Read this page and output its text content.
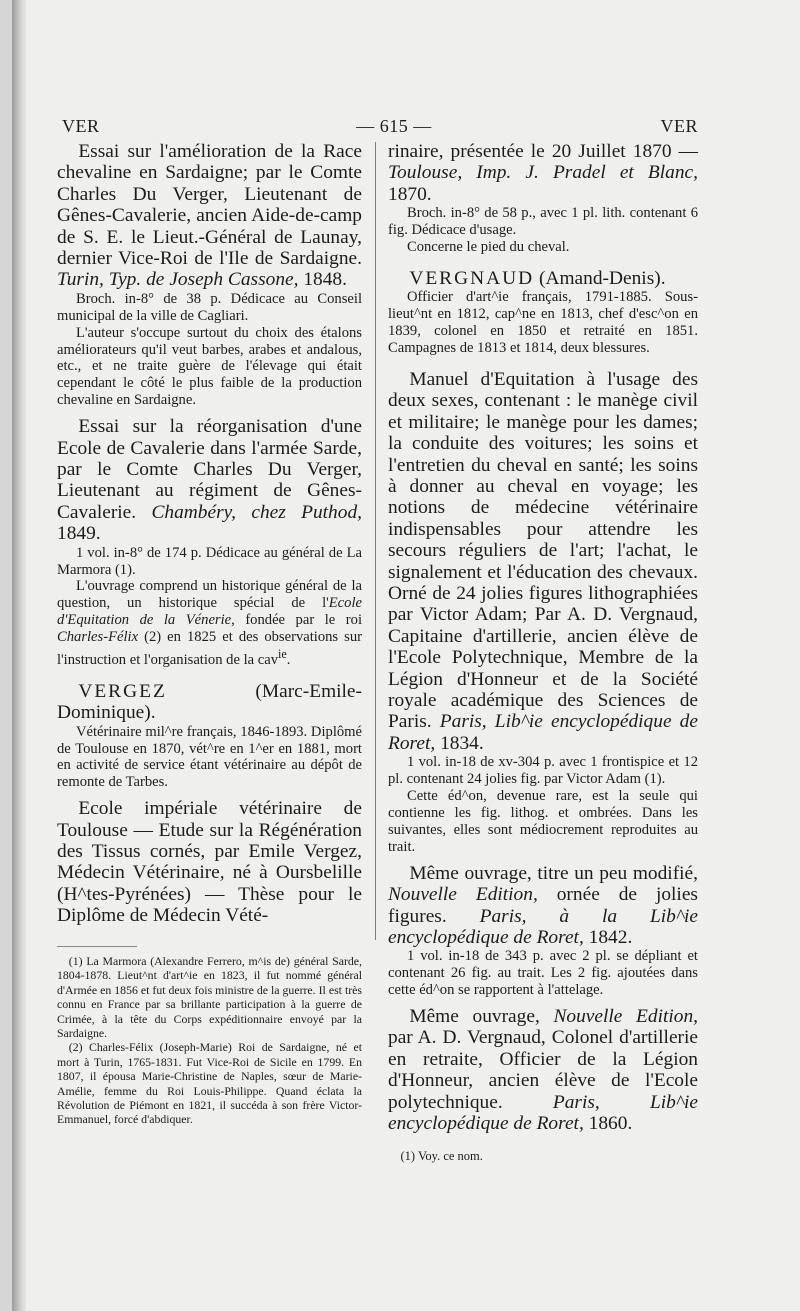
VER	— 615 —	VER

Essai sur l'amélioration de la Race chevaline en Sardaigne; par le Comte Charles Du Verger, Lieutenant de Gênes-Cavalerie, ancien Aide-de-camp de S. E. le Lieut.-Général de Launay, dernier Vice-Roi de l'Ile de Sardaigne. Turin, Typ. de Joseph Cassone, 1848.

Broch. in-8° de 38 p. Dédicace au Conseil municipal de la ville de Cagliari.

L'auteur s'occupe surtout du choix des étalons améliorateurs qu'il veut barbes, arabes et andalous, etc., et ne traite guère de l'élevage qui était cependant le côté le plus faible de la production chevaline en Sardaigne.

Essai sur la réorganisation d'une Ecole de Cavalerie dans l'armée Sarde, par le Comte Charles Du Verger, Lieutenant au régiment de Gênes-Cavalerie. Chambéry, chez Puthod, 1849.

1 vol. in-8° de 174 p. Dédicace au général de La Marmora (1).

L'ouvrage comprend un historique général de la question, un historique spécial de l'Ecole d'Equitation de la Vénerie, fondée par le roi Charles-Félix (2) en 1825 et des observations sur l'instruction et l'organisation de la cav$^{ie}$.

VERGEZ	(Marc-Emile-Dominique).

Vétérinaire mil^re français, 1846-1893. Diplômé de Toulouse en 1870, vét^re en 1^er en 1881, mort en activité de service étant vétérinaire au dépôt de remonte de Tarbes.

Ecole impériale vétérinaire de Toulouse — Etude sur la Régénération des Tissus cornés, par Emile Vergez, Médecin Vétérinaire, né à Oursbelille (H^tes-Pyrénées) — Thèse pour le Diplôme de Médecin Vété-

(1) La Marmora (Alexandre Ferrero, m^is de) général Sarde, 1804-1878. Lieut^nt d'art^ie en 1823, il fut nommé général d'Armée en 1856 et fut deux fois ministre de la guerre. Il est très connu en France par sa brillante participation à la guerre de Crimée, à la tête du Corps expéditionnaire envoyé par la Sardaigne.

(2) Charles-Félix (Joseph-Marie) Roi de Sardaigne, né et mort à Turin, 1765-1831. Fut Vice-Roi de Sicile en 1799. En 1807, il épousa Marie-Christine de Naples, sœur de Marie-Amélie, femme du Roi Louis-Philippe. Quand éclata la Révolution de Piémont en 1821, il succéda à son frère Victor-Emmanuel, forcé d'abdiquer.

rinaire, présentée le 20 Juillet 1870 — Toulouse, Imp. J. Pradel et Blanc, 1870.

Broch. in-8° de 58 p., avec 1 pl. lith. contenant 6 fig. Dédicace d'usage.

Concerne le pied du cheval.

VERGNAUD (Amand-Denis).

Officier d'art^ie français, 1791-1885. Sous-lieut^nt en 1812, cap^ne en 1813, chef d'esc^on en 1839, colonel en 1850 et retraité en 1851. Campagnes de 1813 et 1814, deux blessures.

Manuel d'Equitation à l'usage des deux sexes, contenant : le manège civil et militaire; le manège pour les dames; la conduite des voitures; les soins et l'entretien du cheval en santé; les soins à donner au cheval en voyage; les notions de médecine vétérinaire indispensables pour attendre les secours réguliers de l'art; l'achat, le signalement et l'éducation des chevaux. Orné de 24 jolies figures lithographiées par Victor Adam; Par A. D. Vergnaud, Capitaine d'artillerie, ancien élève de l'Ecole Polytechnique, Membre de la Légion d'Honneur et de la Société royale académique des Sciences de Paris. Paris, Lib^ie encyclopédique de Roret, 1834.

1 vol. in-18 de xv-304 p. avec 1 frontispice et 12 pl. contenant 24 jolies fig. par Victor Adam (1).

Cette éd^on, devenue rare, est la seule qui contienne les fig. lithog. et ombrées. Dans les suivantes, elles sont médiocrement reproduites au trait.

Même ouvrage, titre un peu modifié, Nouvelle Edition, ornée de jolies figures. Paris, à la Lib^ie encyclopédique de Roret, 1842.

1 vol. in-18 de 343 p. avec 2 pl. se dépliant et contenant 26 fig. au trait. Les 2 fig. ajoutées dans cette éd^on se rapportent à l'attelage.

Même ouvrage, Nouvelle Edition, par A. D. Vergnaud, Colonel d'artillerie en retraite, Officier de la Légion d'Honneur, ancien élève de l'Ecole polytechnique.	Paris, Lib^ie encyclopédique de Roret, 1860.

(1) Voy. ce nom.
